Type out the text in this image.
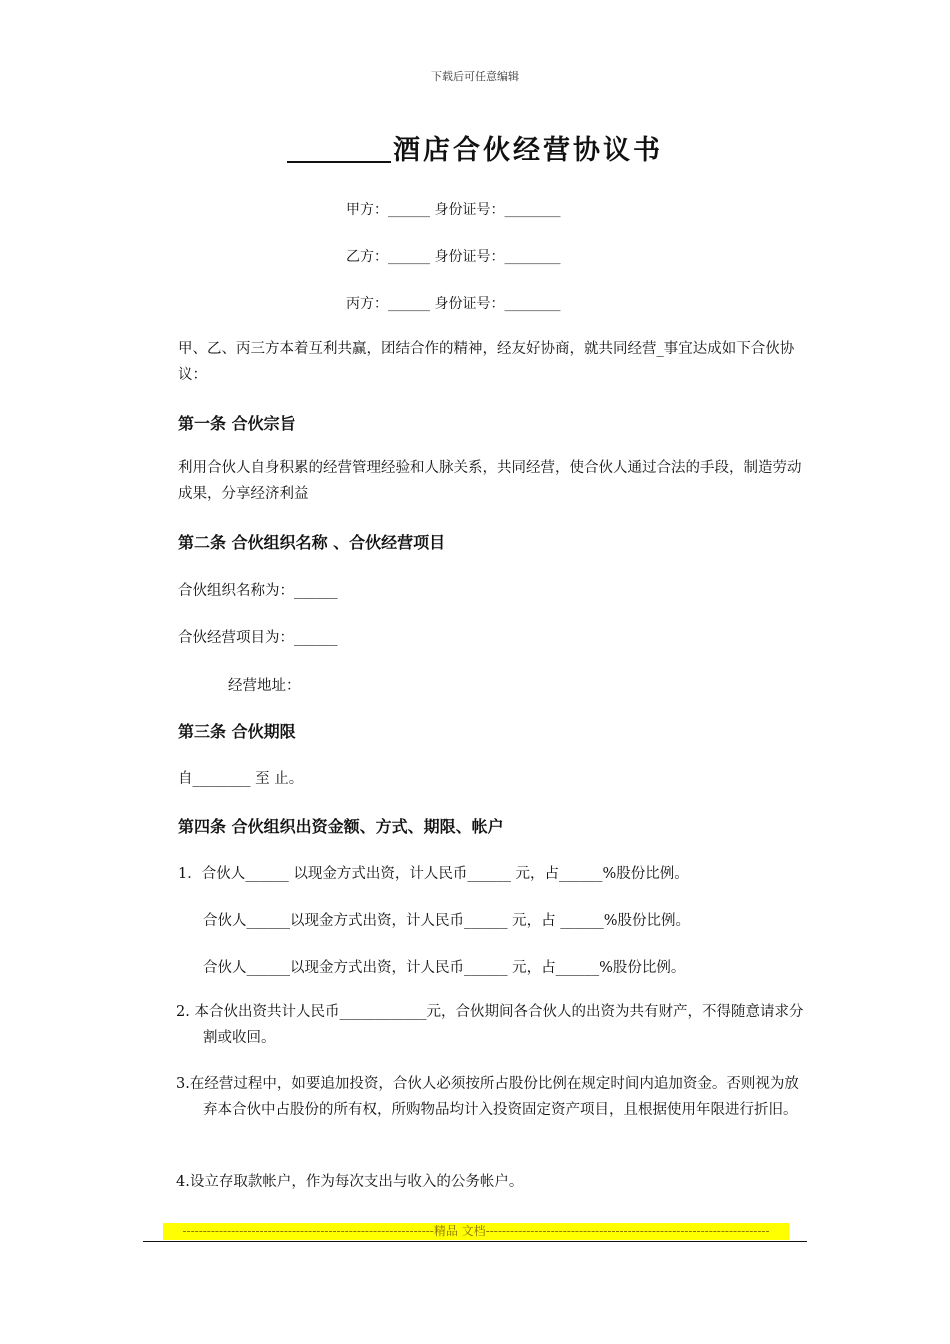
下载后可任意编辑
酒店合伙经营协议书
甲方：______ 身份证号：________
乙方：______ 身份证号：________
丙方：______ 身份证号：________
甲、乙、丙三方本着互利共赢，团结合作的精神，经友好协商，就共同经营_事宜达成如下合伙协议：
第一条 合伙宗旨
利用合伙人自身积累的经营管理经验和人脉关系，共同经营，使合伙人通过合法的手段，制造劳动成果，分享经济利益
第二条 合伙组织名称 、合伙经营项目
合伙组织名称为：______
合伙经营项目为：______
经营地址：
第三条 合伙期限
自________ 至 止。
第四条 合伙组织出资金额、方式、期限、帐户
1．合伙人______ 以现金方式出资，计人民币______ 元，占______%股份比例。
合伙人______以现金方式出资，计人民币______ 元，占 ______%股份比例。
合伙人______以现金方式出资，计人民币______ 元，占______%股份比例。
2. 本合伙出资共计人民币____________元，合伙期间各合伙人的出资为共有财产，不得随意请求分割或收回。
3.在经营过程中，如要追加投资，合伙人必须按所占股份比例在规定时间内追加资金。否则视为放弃本合伙中占股份的所有权，所购物品均计入投资固定资产项目，且根据使用年限进行折旧。
4.设立存取款帐户，作为每次支出与收入的公务帐户。
--------------------------------------------------------------精品 文档----------------------------------------------------------------------
